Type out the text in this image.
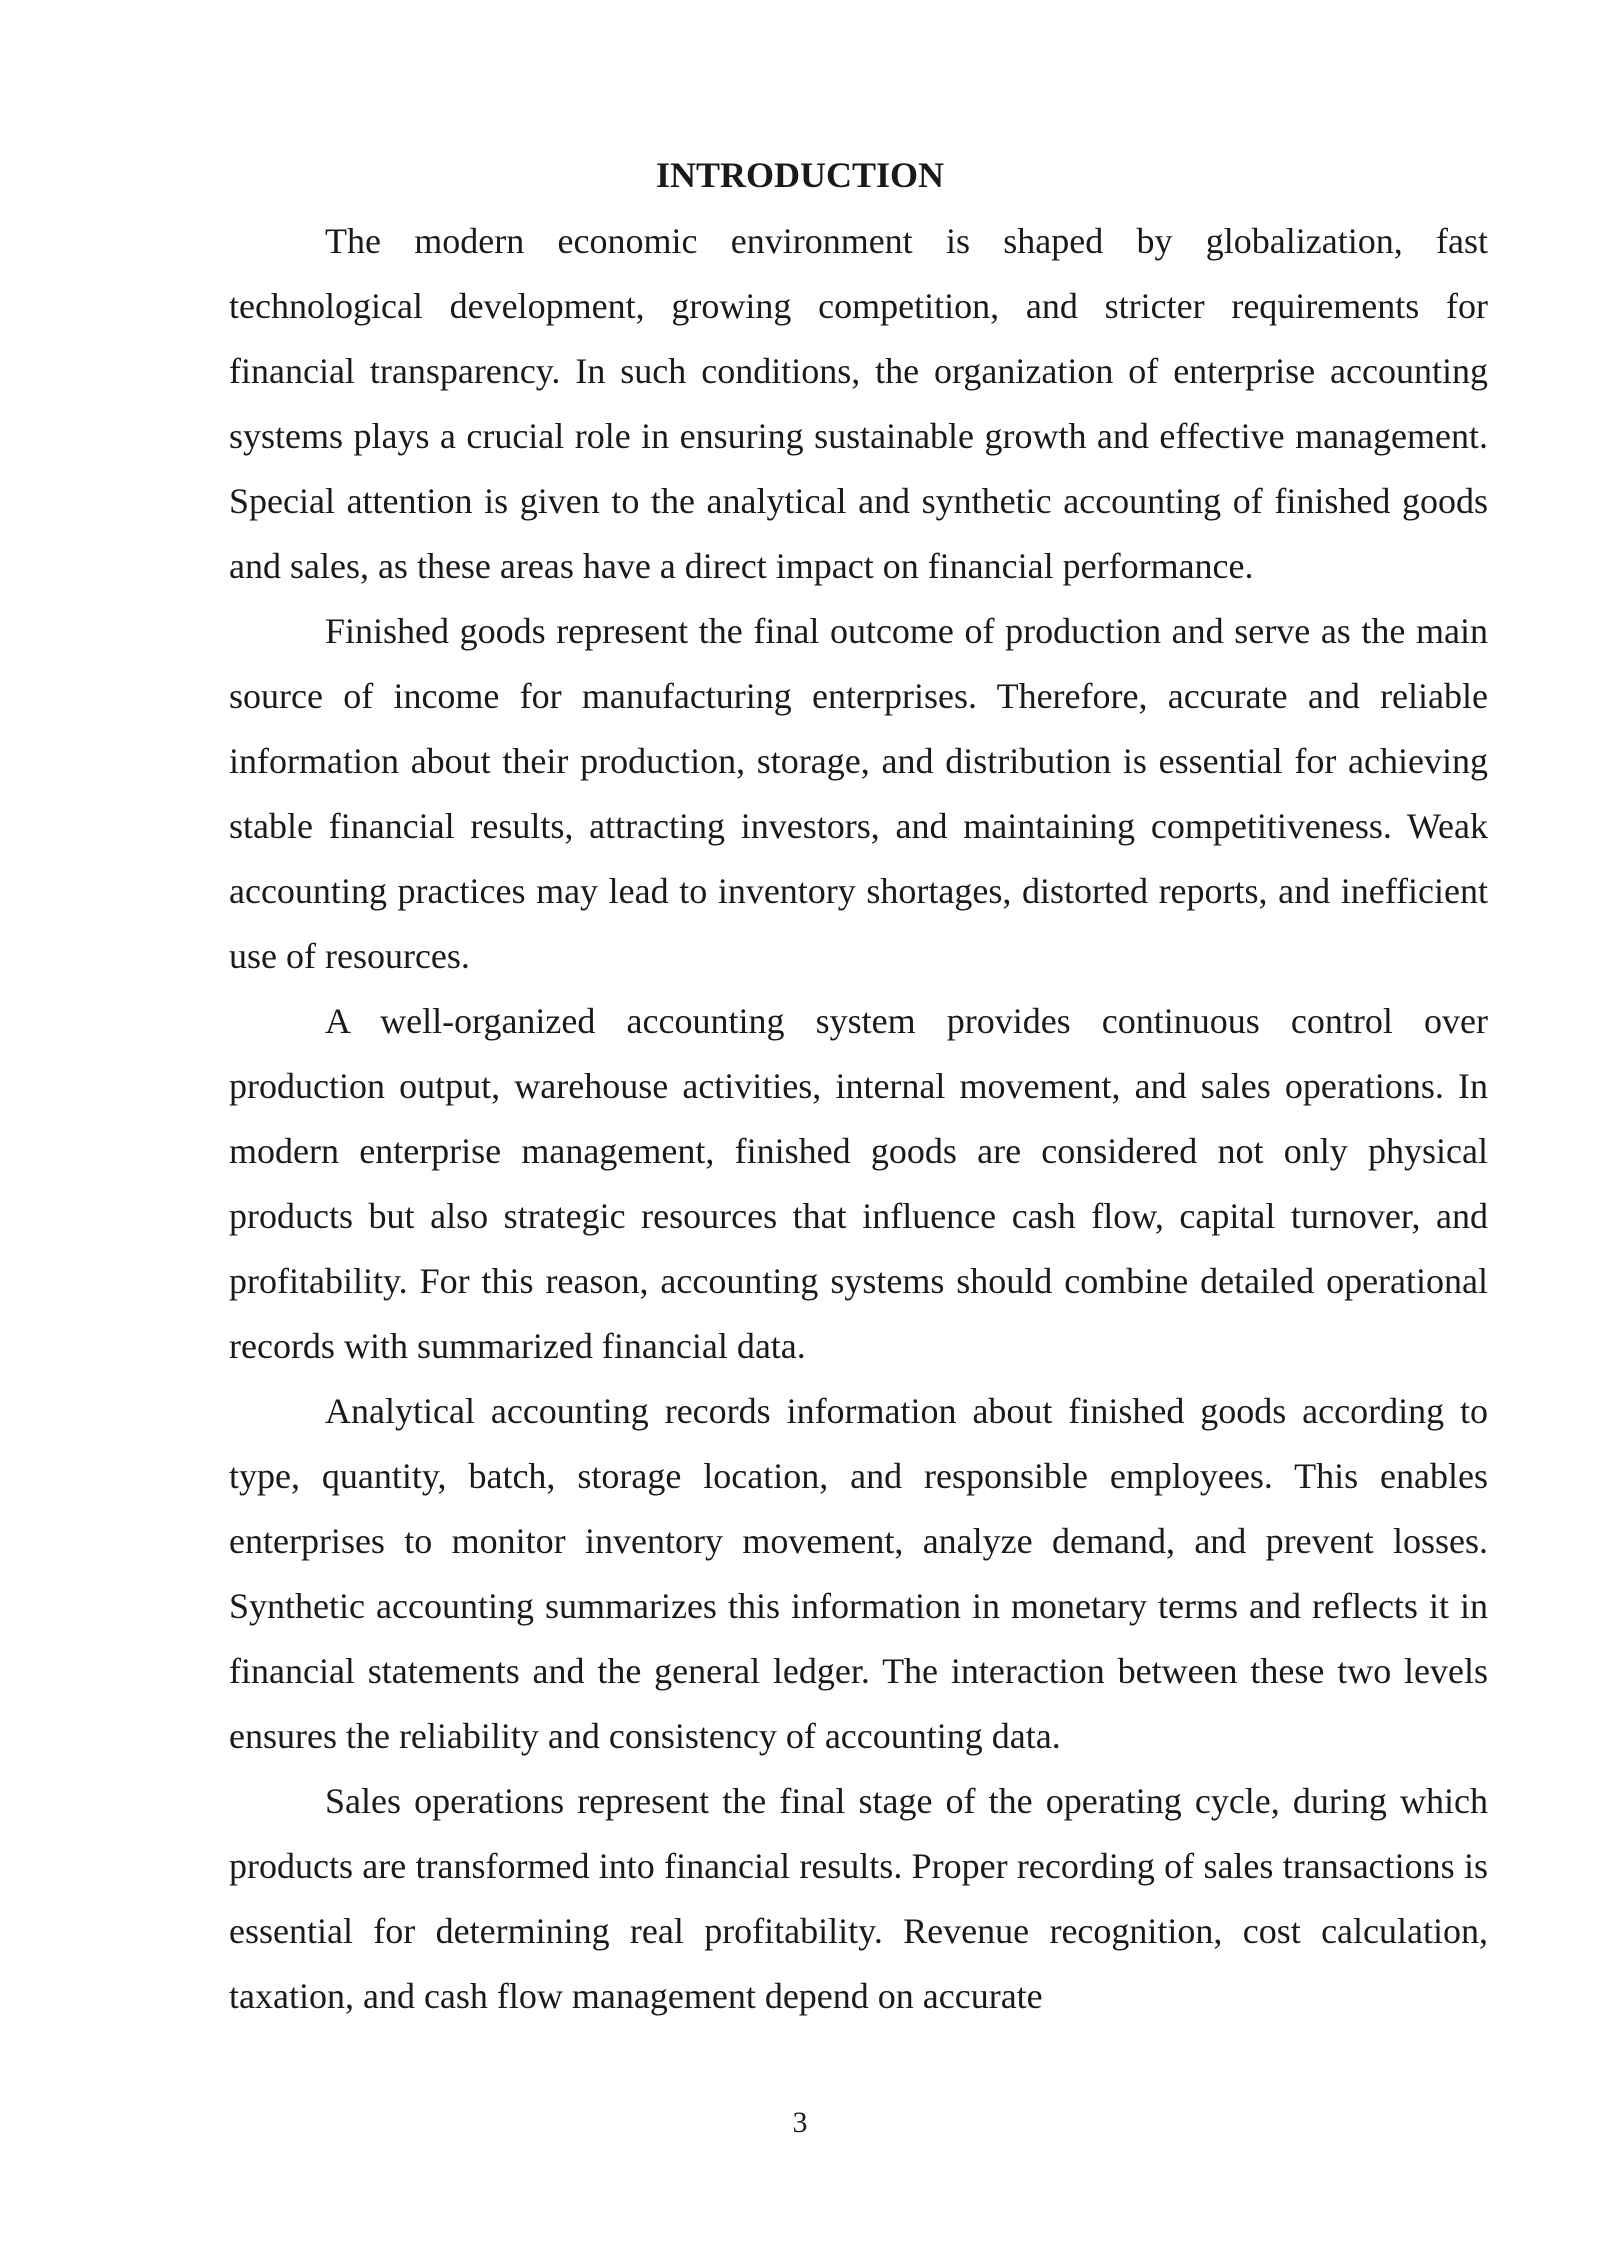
INTRODUCTION

The modern economic environment is shaped by globalization, fast technological development, growing competition, and stricter requirements for financial transparency. In such conditions, the organization of enterprise accounting systems plays a crucial role in ensuring sustainable growth and effective management. Special attention is given to the analytical and synthetic accounting of finished goods and sales, as these areas have a direct impact on financial performance.

Finished goods represent the final outcome of production and serve as the main source of income for manufacturing enterprises. Therefore, accurate and reliable information about their production, storage, and distribution is essential for achieving stable financial results, attracting investors, and maintaining competitiveness. Weak accounting practices may lead to inventory shortages, distorted reports, and inefficient use of resources.

A well-organized accounting system provides continuous control over production output, warehouse activities, internal movement, and sales operations. In modern enterprise management, finished goods are considered not only physical products but also strategic resources that influence cash flow, capital turnover, and profitability. For this reason, accounting systems should combine detailed operational records with summarized financial data.

Analytical accounting records information about finished goods according to type, quantity, batch, storage location, and responsible employees. This enables enterprises to monitor inventory movement, analyze demand, and prevent losses. Synthetic accounting summarizes this information in monetary terms and reflects it in financial statements and the general ledger. The interaction between these two levels ensures the reliability and consistency of accounting data.

Sales operations represent the final stage of the operating cycle, during which products are transformed into financial results. Proper recording of sales transactions is essential for determining real profitability. Revenue recognition, cost calculation, taxation, and cash flow management depend on accurate

3
